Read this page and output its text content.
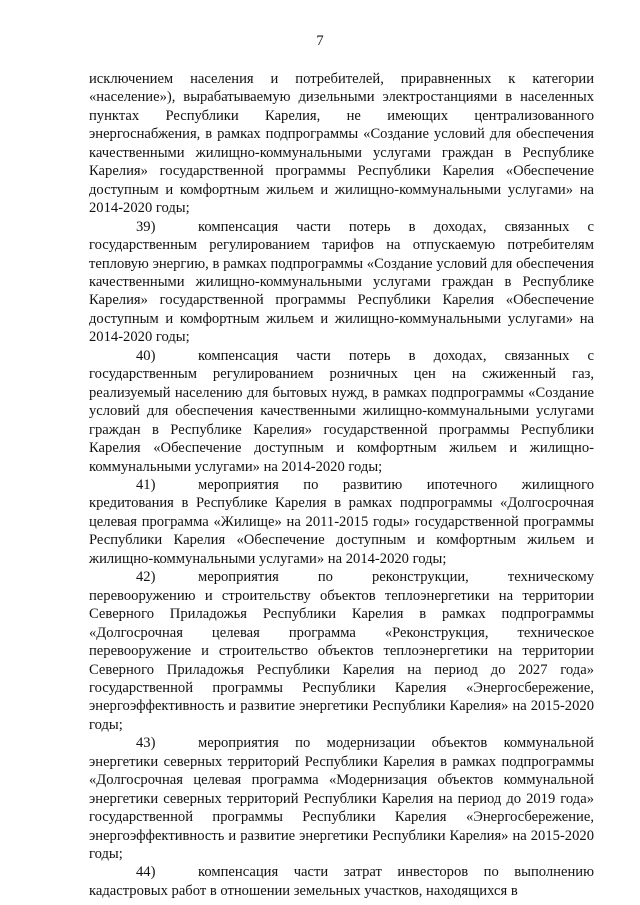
7

исключением населения и потребителей, приравненных к категории «население»), вырабатываемую дизельными электростанциями в населенных пунктах Республики Карелия, не имеющих централизованного энергоснабжения, в рамках подпрограммы «Создание условий для обеспечения качественными жилищно-коммунальными услугами граждан в Республике Карелия» государственной программы Республики Карелия «Обеспечение доступным и комфортным жильем и жилищно-коммунальными услугами» на 2014-2020 годы;

39)	компенсация части потерь в доходах, связанных с государственным регулированием тарифов на отпускаемую потребителям тепловую энергию, в рамках подпрограммы «Создание условий для обеспечения качественными жилищно-коммунальными услугами граждан в Республике Карелия» государственной программы Республики Карелия «Обеспечение доступным и комфортным жильем и жилищно-коммунальными услугами» на 2014-2020 годы;

40)	компенсация части потерь в доходах, связанных с государственным регулированием розничных цен на сжиженный газ, реализуемый населению для бытовых нужд, в рамках подпрограммы «Создание условий для обеспечения качественными жилищно-коммунальными услугами граждан в Республике Карелия» государственной программы Республики Карелия «Обеспечение доступным и комфортным жильем и жилищно-коммунальными услугами» на 2014-2020 годы;

41)	мероприятия по развитию ипотечного жилищного кредитования в Республике Карелия в рамках подпрограммы «Долгосрочная целевая программа «Жилище» на 2011-2015 годы» государственной программы Республики Карелия «Обеспечение доступным и комфортным жильем и жилищно-коммунальными услугами» на 2014-2020 годы;

42)	мероприятия по реконструкции, техническому перевооружению и строительству объектов теплоэнергетики на территории Северного Приладожья Республики Карелия в рамках подпрограммы «Долгосрочная целевая программа «Реконструкция, техническое перевооружение и строительство объектов теплоэнергетики на территории Северного Приладожья Республики Карелия на период до 2027 года» государственной программы Республики Карелия «Энергосбережение, энергоэффективность и развитие энергетики Республики Карелия» на 2015-2020 годы;

43)	мероприятия по модернизации объектов коммунальной энергетики северных территорий Республики Карелия в рамках подпрограммы «Долгосрочная целевая программа «Модернизация объектов коммунальной энергетики северных территорий Республики Карелия на период до 2019 года» государственной программы Республики Карелия «Энергосбережение, энергоэффективность и развитие энергетики Республики Карелия» на 2015-2020 годы;

44)	компенсация части затрат инвесторов по выполнению кадастровых работ в отношении земельных участков, находящихся в
